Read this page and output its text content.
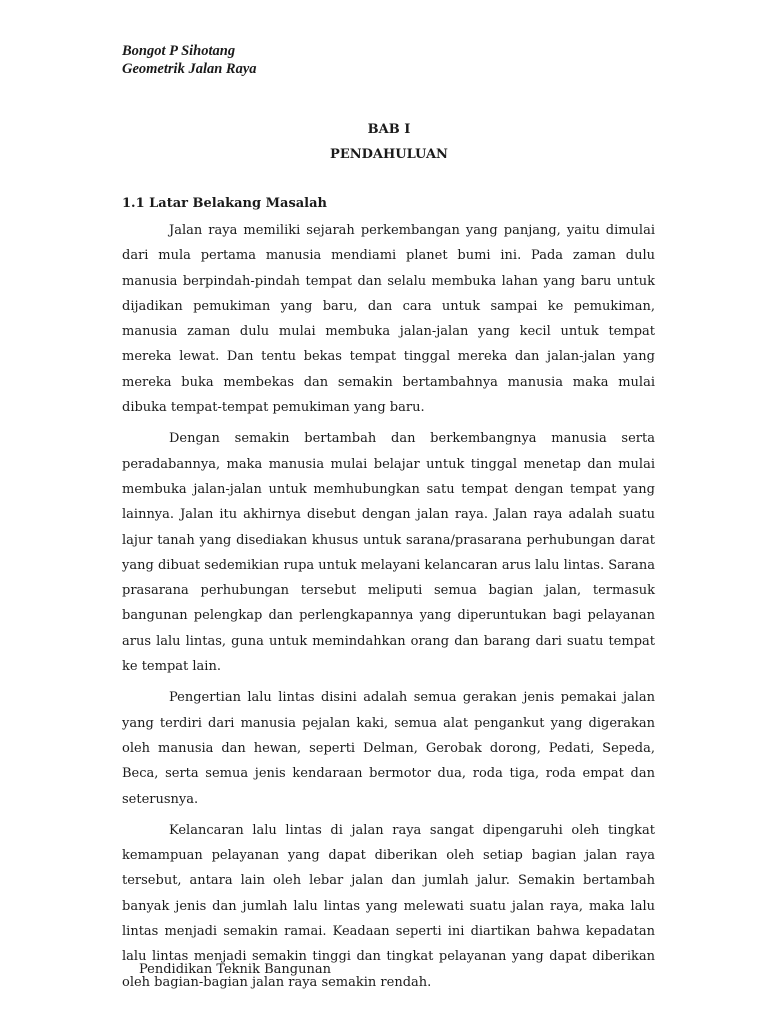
Bongot P Sihotang
Geometrik Jalan Raya
BAB I
PENDAHULUAN
1.1 Latar Belakang Masalah

Jalan raya memiliki sejarah perkembangan yang panjang, yaitu dimulai dari mula pertama manusia mendiami planet bumi ini. Pada zaman dulu manusia berpindah-pindah tempat dan selalu membuka lahan yang baru untuk dijadikan pemukiman yang baru, dan cara untuk sampai ke pemukiman, manusia zaman dulu mulai membuka jalan-jalan yang kecil untuk tempat mereka lewat. Dan tentu bekas tempat tinggal mereka dan jalan-jalan yang mereka buka membekas dan semakin bertambahnya manusia maka mulai dibuka tempat-tempat pemukiman yang baru.

Dengan semakin bertambah dan berkembangnya manusia serta peradabannya, maka manusia mulai belajar untuk tinggal menetap dan mulai membuka jalan-jalan untuk memhubungkan satu tempat dengan tempat yang lainnya. Jalan itu akhirnya disebut dengan jalan raya. Jalan raya adalah suatu lajur tanah yang disediakan khusus untuk sarana/prasarana perhubungan darat yang dibuat sedemikian rupa untuk melayani kelancaran arus lalu lintas. Sarana prasarana perhubungan tersebut meliputi semua bagian jalan, termasuk bangunan pelengkap dan perlengkapannya yang diperuntukan bagi pelayanan arus lalu lintas, guna untuk memindahkan orang dan barang dari suatu tempat ke tempat lain.

Pengertian lalu lintas disini adalah semua gerakan jenis pemakai jalan yang terdiri dari manusia pejalan kaki, semua alat pengankut yang digerakan oleh manusia dan hewan, seperti Delman, Gerobak dorong, Pedati, Sepeda, Beca, serta semua jenis kendaraan bermotor dua, roda tiga, roda empat dan seterusnya.

Kelancaran lalu lintas di jalan raya sangat dipengaruhi oleh tingkat kemampuan pelayanan yang dapat diberikan oleh setiap bagian jalan raya tersebut, antara lain oleh lebar jalan dan jumlah jalur. Semakin bertambah banyak jenis dan jumlah lalu lintas yang melewati suatu jalan raya, maka lalu lintas menjadi semakin ramai. Keadaan seperti ini diartikan bahwa kepadatan lalu lintas menjadi semakin tinggi dan tingkat pelayanan yang dapat diberikan oleh bagian-bagian jalan raya semakin rendah.

Pendidikan Teknik Bangunan
